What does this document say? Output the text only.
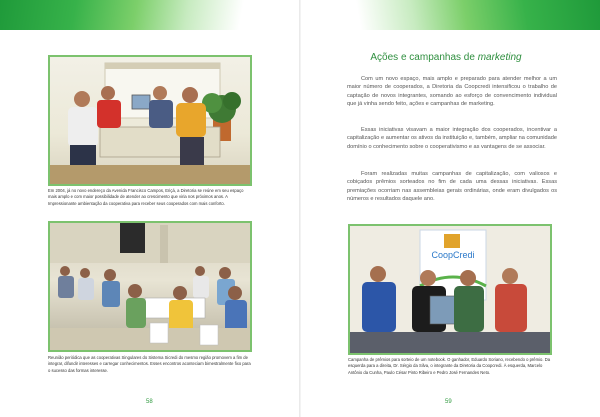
Em 2004, já no novo endereço da Avenida Francisco Campos, Eriçá, a Diretoria se reúne em seu espaço mais amplo e com maior possibilidade de atender ao crescimento que viria nos próximos anos. A Impressionante ambientação da cooperativa para receber seus cooperados com mais conforto.
Reunião periódica que as cooperativas Singulares do Sistema Sicredi do mesmo região promovem a fim de integrar, difundir interesses e carregar conhecimentos. Esses encontros aconteciam bimestralmente fixo para o sucesso das formas interesse.
58
Ações e campanhas de marketing

Com um novo espaço, mais amplo e preparado para atender melhor a um maior número de cooperados, a Diretoria da Coopcredi intensificou o trabalho de captação de novos integrantes, somando ao esforço de convencimento individual que já vinha sendo feito, ações e campanhas de marketing.

Essas iniciativas visavam a maior integração dos cooperados, incentivar a capitalização e aumentar os ativos da instituição e, também, ampliar na comunidade domínio o conhecimento sobre o cooperativismo e as vantagens de se associar.

Foram realizadas muitas campanhas de capitalização, com valiosos e cobiçados prêmios sorteados no fim de cada uma dessas iniciativas. Essas premiações ocorriam nas assembleias gerais ordinárias, onde eram divulgados os números e resultados daquele ano.

CoopCredi
Campanha de prêmios para sorteio de um notebook. O ganhador, Eduardo Soriano, recebendo o prêmio. Da esquerda para a direita, Dr. Sérgio da Silva, o integrante da Diretoria da Coopcredi. À esquerda, Marcelo Antônio da Cunha, Paulo César Pinto Ribeiro e Pedro José Fernandes Neto.
59
